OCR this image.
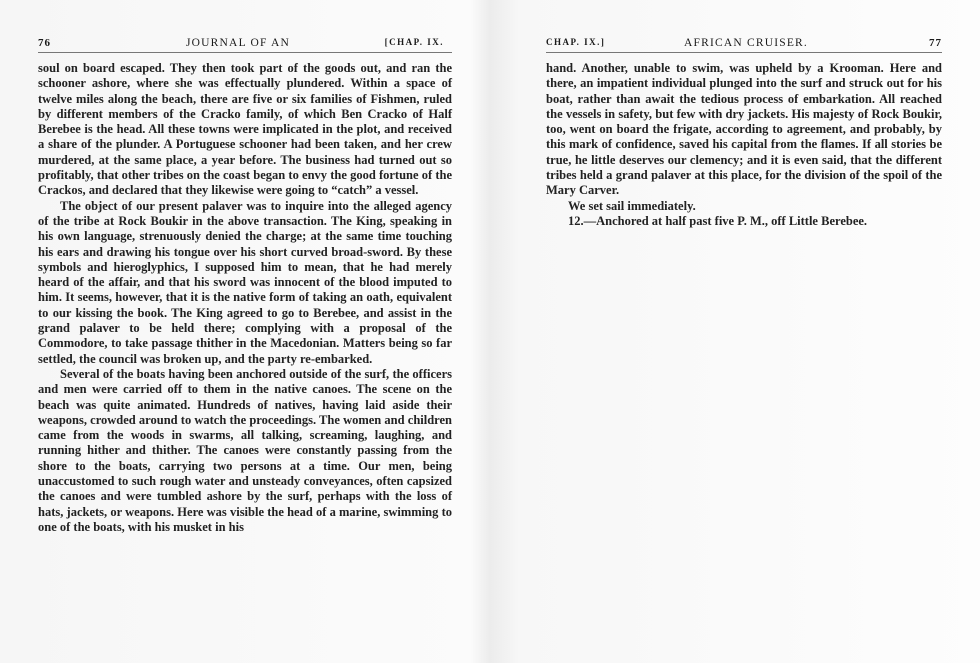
76	JOURNAL OF AN	[CHAP. IX.

soul on board escaped. They then took part of the goods out, and ran the schooner ashore, where she was effectually plundered. Within a space of twelve miles along the beach, there are five or six families of Fishmen, ruled by different members of the Cracko family, of which Ben Cracko of Half Berebee is the head. All these towns were implicated in the plot, and received a share of the plunder. A Portuguese schooner had been taken, and her crew murdered, at the same place, a year before. The business had turned out so profitably, that other tribes on the coast began to envy the good fortune of the Crackos, and declared that they likewise were going to “catch” a vessel.

The object of our present palaver was to inquire into the alleged agency of the tribe at Rock Boukir in the above transaction. The King, speaking in his own language, strenuously denied the charge; at the same time touching his ears and drawing his tongue over his short curved broad-sword. By these symbols and hieroglyphics, I supposed him to mean, that he had merely heard of the affair, and that his sword was innocent of the blood imputed to him. It seems, however, that it is the native form of taking an oath, equivalent to our kissing the book. The King agreed to go to Berebee, and assist in the grand palaver to be held there; complying with a proposal of the Commodore, to take passage thither in the Macedonian. Matters being so far settled, the council was broken up, and the party re-embarked.

Several of the boats having been anchored outside of the surf, the officers and men were carried off to them in the native canoes. The scene on the beach was quite animated. Hundreds of natives, having laid aside their weapons, crowded around to watch the proceedings. The women and children came from the woods in swarms, all talking, screaming, laughing, and running hither and thither. The canoes were constantly passing from the shore to the boats, carrying two persons at a time. Our men, being unaccustomed to such rough water and unsteady conveyances, often capsized the canoes and were tumbled ashore by the surf, perhaps with the loss of hats, jackets, or weapons. Here was visible the head of a marine, swimming to one of the boats, with his musket in his

CHAP. IX.]	AFRICAN CRUISER.	77

hand. Another, unable to swim, was upheld by a Krooman. Here and there, an impatient individual plunged into the surf and struck out for his boat, rather than await the tedious process of embarkation. All reached the vessels in safety, but few with dry jackets. His majesty of Rock Boukir, too, went on board the frigate, according to agreement, and probably, by this mark of confidence, saved his capital from the flames. If all stories be true, he little deserves our clemency; and it is even said, that the different tribes held a grand palaver at this place, for the division of the spoil of the Mary Carver.

We set sail immediately.

12.—Anchored at half past five P. M., off Little Berebee.
